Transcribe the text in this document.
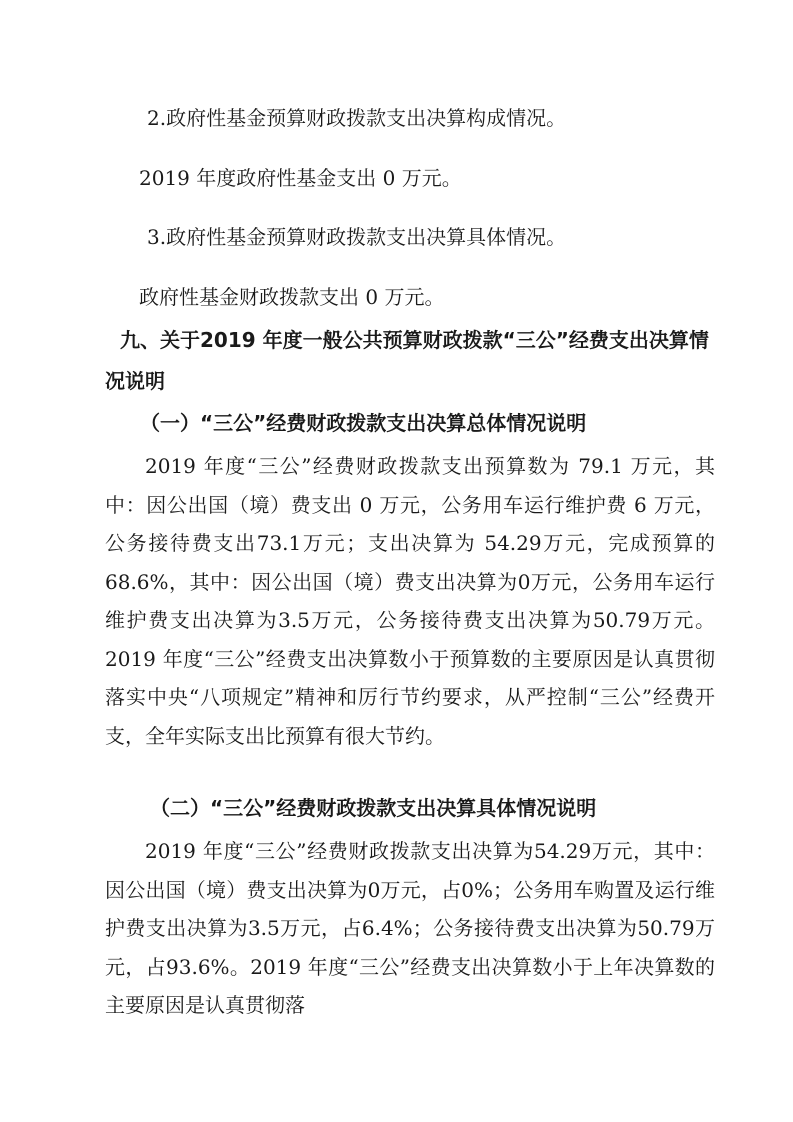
2.政府性基金预算财政拨款支出决算构成情况。

2019 年度政府性基金支出 0 万元。

3.政府性基金预算财政拨款支出决算具体情况。

政府性基金财政拨款支出 0 万元。

九、关于2019 年度一般公共预算财政拨款“三公”经费支出决算情

况说明

（一）“三公”经费财政拨款支出决算总体情况说明

2019 年度“三公”经费财政拨款支出预算数为 79.1 万元，其中：因公出国（境）费支出 0 万元，公务用车运行维护费 6 万元，公务接待费支出73.1万元；支出决算为 54.29万元，完成预算的 68.6%，其中：因公出国（境）费支出决算为0万元，公务用车运行维护费支出决算为3.5万元，公务接待费支出决算为50.79万元。2019 年度“三公”经费支出决算数小于预算数的主要原因是认真贯彻落实中央“八项规定”精神和厉行节约要求，从严控制“三公”经费开支，全年实际支出比预算有很大节约。

（二）“三公”经费财政拨款支出决算具体情况说明

2019 年度“三公”经费财政拨款支出决算为54.29万元，其中：因公出国（境）费支出决算为0万元，占0%；公务用车购置及运行维护费支出决算为3.5万元，占6.4%；公务接待费支出决算为50.79万元，占93.6%。2019 年度“三公”经费支出决算数小于上年决算数的主要原因是认真贯彻落
